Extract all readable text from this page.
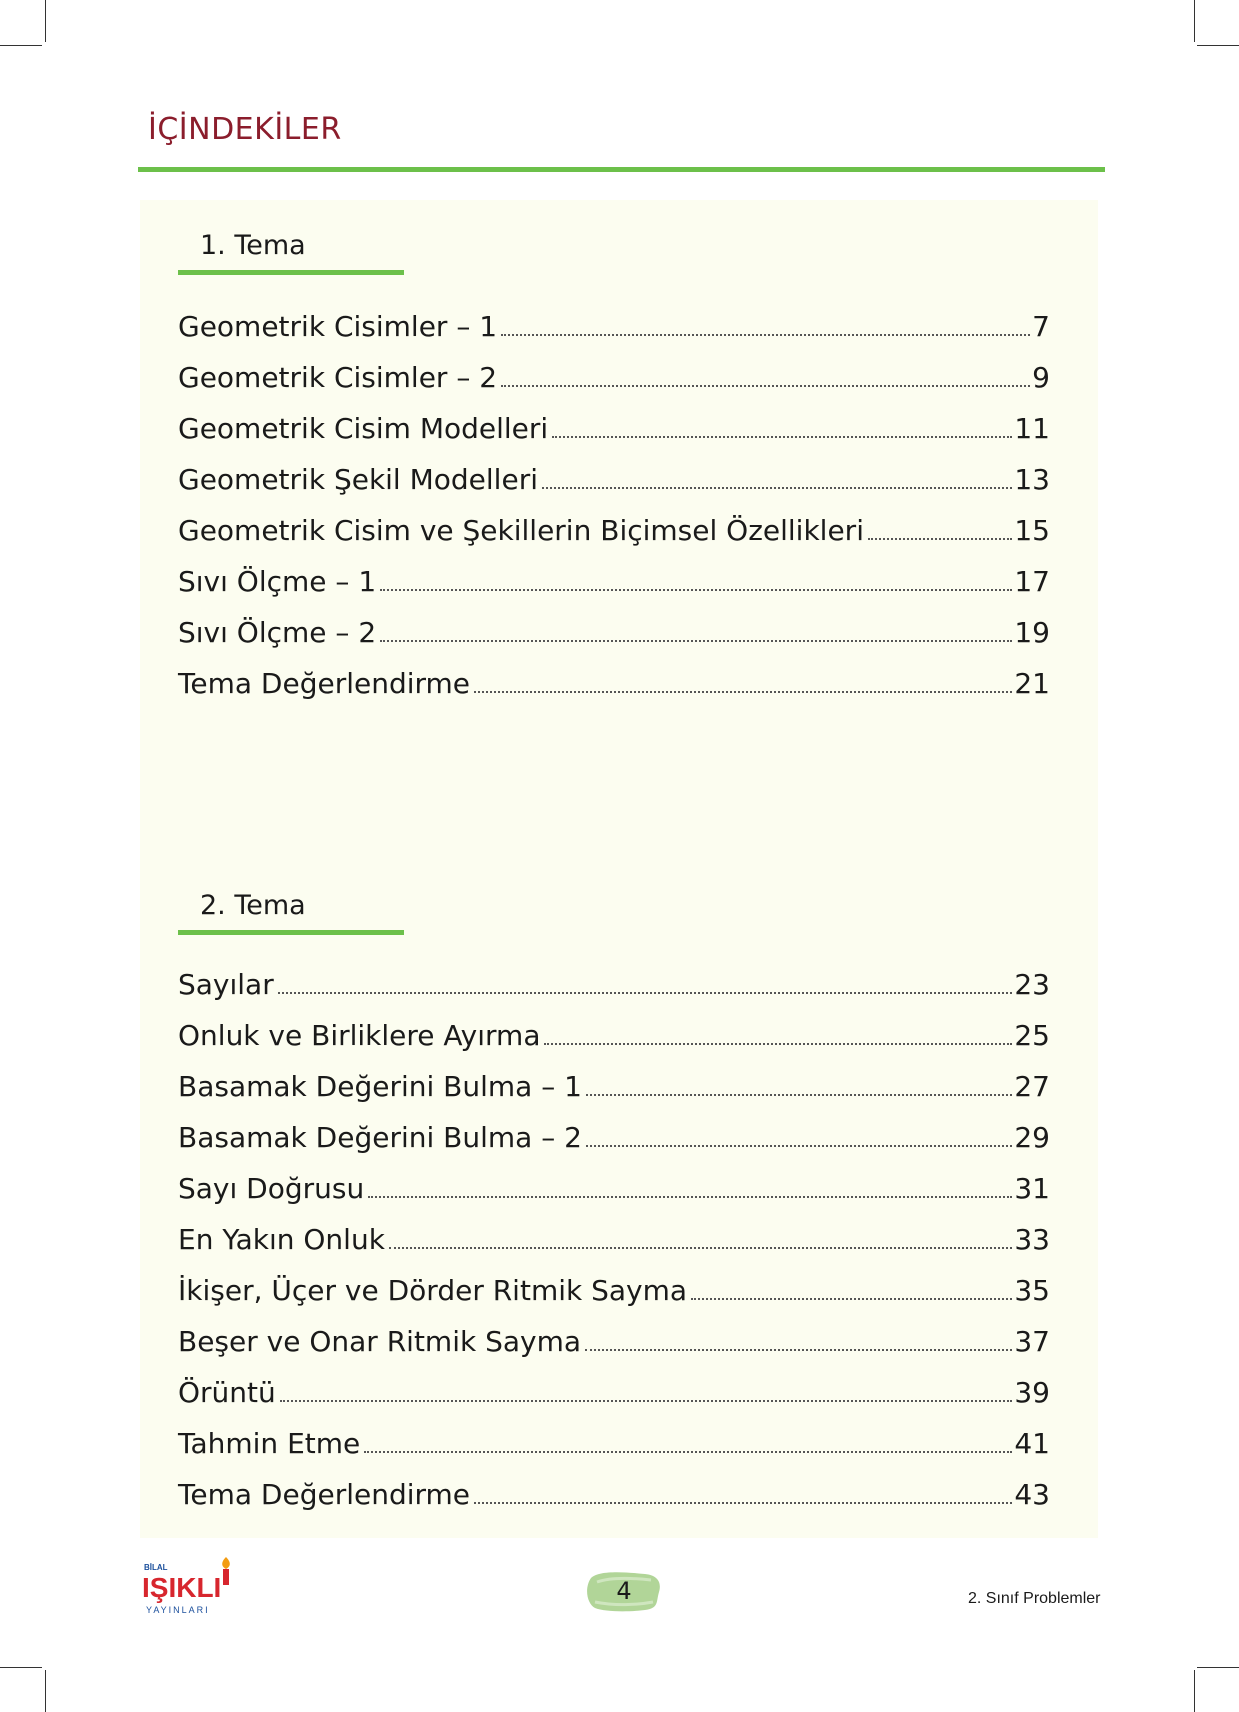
İÇİNDEKİLER
1. Tema
Geometrik Cisimler – 1	7
Geometrik Cisimler – 2	9
Geometrik Cisim Modelleri	11
Geometrik Şekil Modelleri	13
Geometrik Cisim ve Şekillerin Biçimsel Özellikleri	15
Sıvı Ölçme – 1	17
Sıvı Ölçme – 2	19
Tema Değerlendirme	21
2. Tema
Sayılar	23
Onluk ve Birliklere Ayırma	25
Basamak Değerini Bulma – 1	27
Basamak Değerini Bulma – 2	29
Sayı Doğrusu	31
En Yakın Onluk	33
İkişer, Üçer ve Dörder Ritmik Sayma	35
Beşer ve Onar Ritmik Sayma	37
Örüntü	39
Tahmin Etme	41
Tema Değerlendirme	43
BİLAL
IŞIKLI
YAYINLARI
4	2. Sınıf Problemler
